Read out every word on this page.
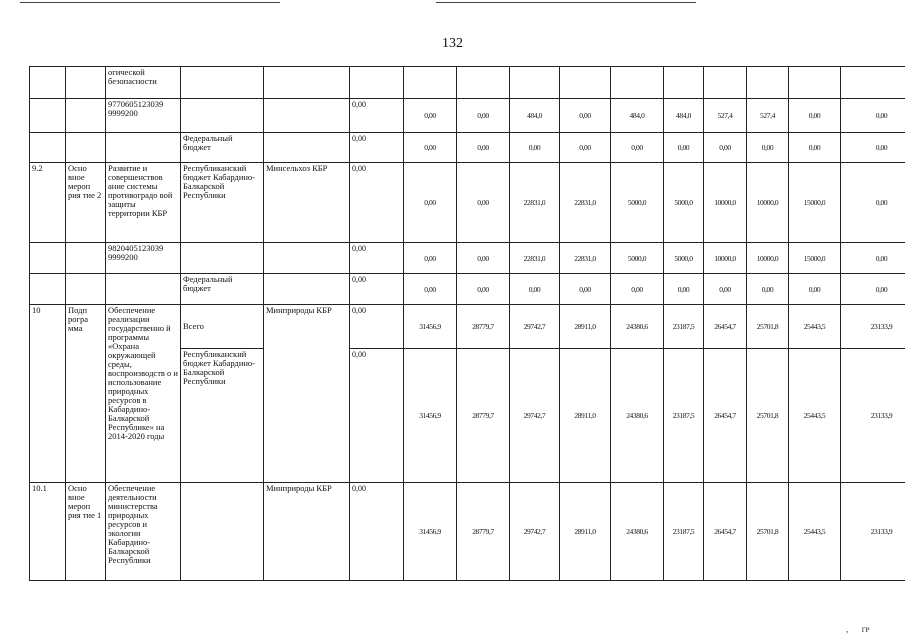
132
		огической безопасности													
		9770605123039 9999200			0,00	0,00	0,00	484,0	0,00	484,0	484,0	527,4	527,4	0,00	0,00
			Федеральный бюджет		0,00	0,00	0,00	0,00	0,00	0,00	0,00	0,00	0,00	0,00	0,00
9.2	Осно вное мероп рия тие 2	Развитие и совершенствов ание системы противоградо вой защиты территории КБР	Республиканский бюджет Кабардино-Балкарской Республики	Минсельхоз КБР	0,00	0,00	0,00	22831,0	22831,0	5000,0	5000,0	10000,0	10000,0	15000,0	0,00
		9820405123039 9999200			0,00	0,00	0,00	22831,0	22831,0	5000,0	5000,0	10000,0	10000,0	15000,0	0,00
			Федеральный бюджет		0,00	0,00	0,00	0,00	0,00	0,00	0,00	0,00	0,00	0,00	0,00
10	Подп рогра мма	Обеспечение реализации государственно й программы «Охрана окружающей среды, воспроизводств о и использование природных ресурсов в Кабардино-Балкарской Республике» на 2014-2020 годы	Всего	Минприроды КБР	0,00	31456,9	28779,7	29742,7	28911,0	24380,6	23187,5	26454,7	25701,8	25443,5	23133,9
			Республиканский бюджет Кабардино-Балкарской Республики		0,00	31456,9	28779,7	29742,7	28911,0	24380,6	23187,5	26454,7	25701,8	25443,5	23133,9
10.1	Осно вное мероп рия тие 1	Обеспечение деятельности министерства природных ресурсов и экологии Кабардино-Балкарской Республики		Минприроды КБР	0,00	31456,9	28779,7	29742,7	28911,0	24380,6	23187,5	26454,7	25701,8	25443,5	23133,9
,      ᴦᴘ
